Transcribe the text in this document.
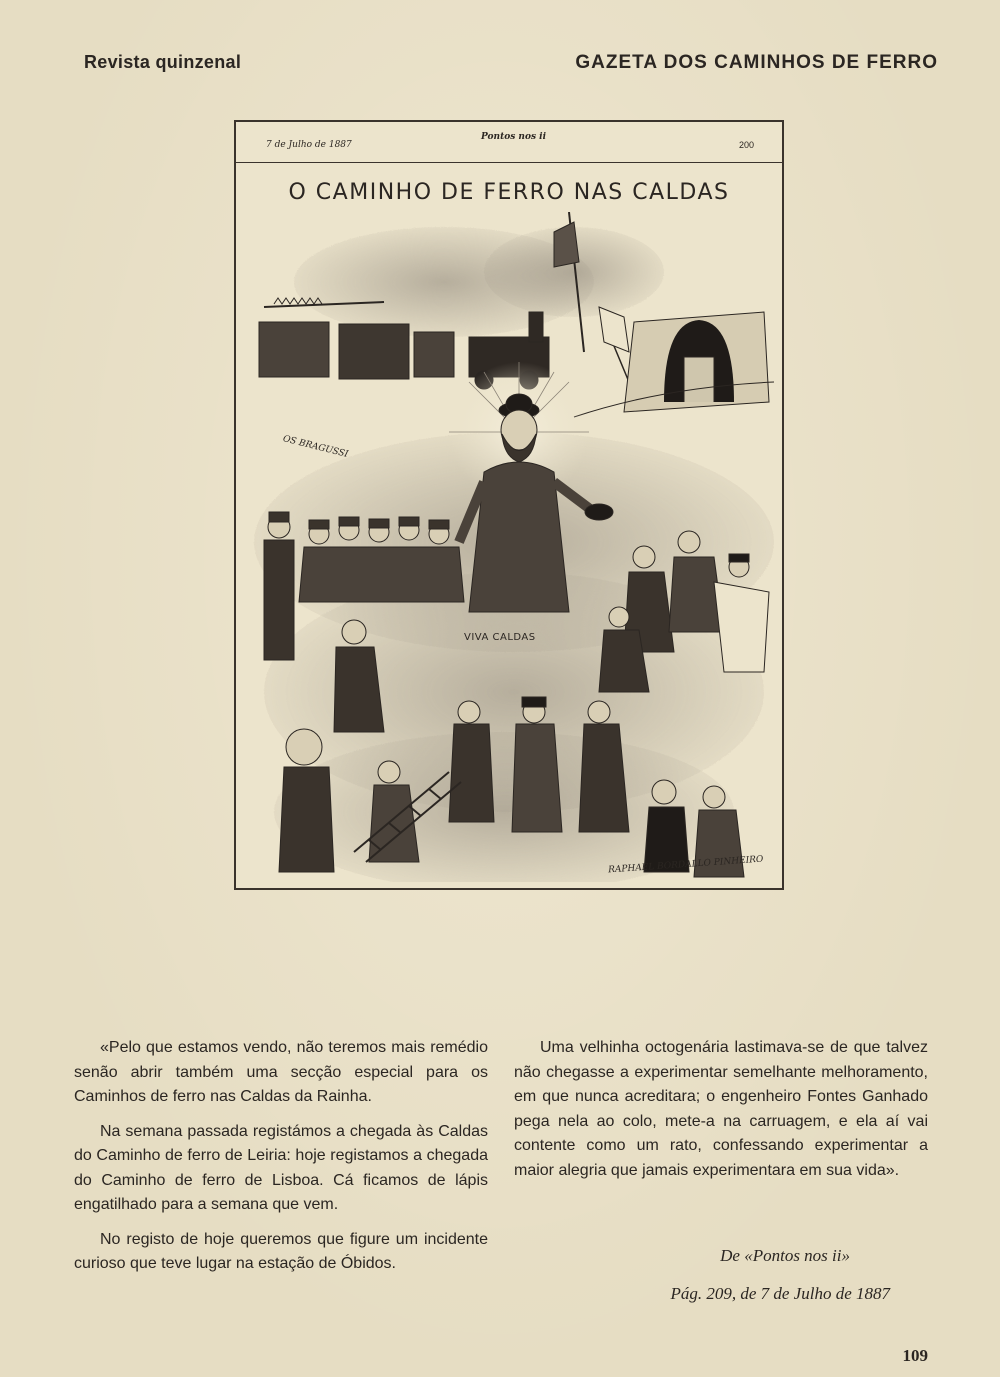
Revista quinzenal	GAZETA DOS CAMINHOS DE FERRO
7 de Julho de 1887
Pontos nos ii
200
O CAMINHO DE FERRO NAS CALDAS
OS BRAGUSSI
VIVA CALDAS
RAPHAEL BORDALLO PINHEIRO

«Pelo que estamos vendo, não teremos mais remédio senão abrir também uma secção especial para os Caminhos de ferro nas Caldas da Rainha.

Na semana passada registámos a chegada às Caldas do Caminho de ferro de Leiria: hoje registamos a chegada do Caminho de ferro de Lisboa. Cá ficamos de lápis engatilhado para a semana que vem.

No registo de hoje queremos que figure um incidente curioso que teve lugar na estação de Óbidos.

Uma velhinha octogenária lastimava-se de que talvez não chegasse a experimentar semelhante melhoramento, em que nunca acreditara; o engenheiro Fontes Ganhado pega nela ao colo, mete-a na carruagem, e ela aí vai contente como um rato, confessando experimentar a maior alegria que jamais experimentara em sua vida».

De «Pontos nos ii»
Pág. 209, de 7 de Julho de 1887
109
